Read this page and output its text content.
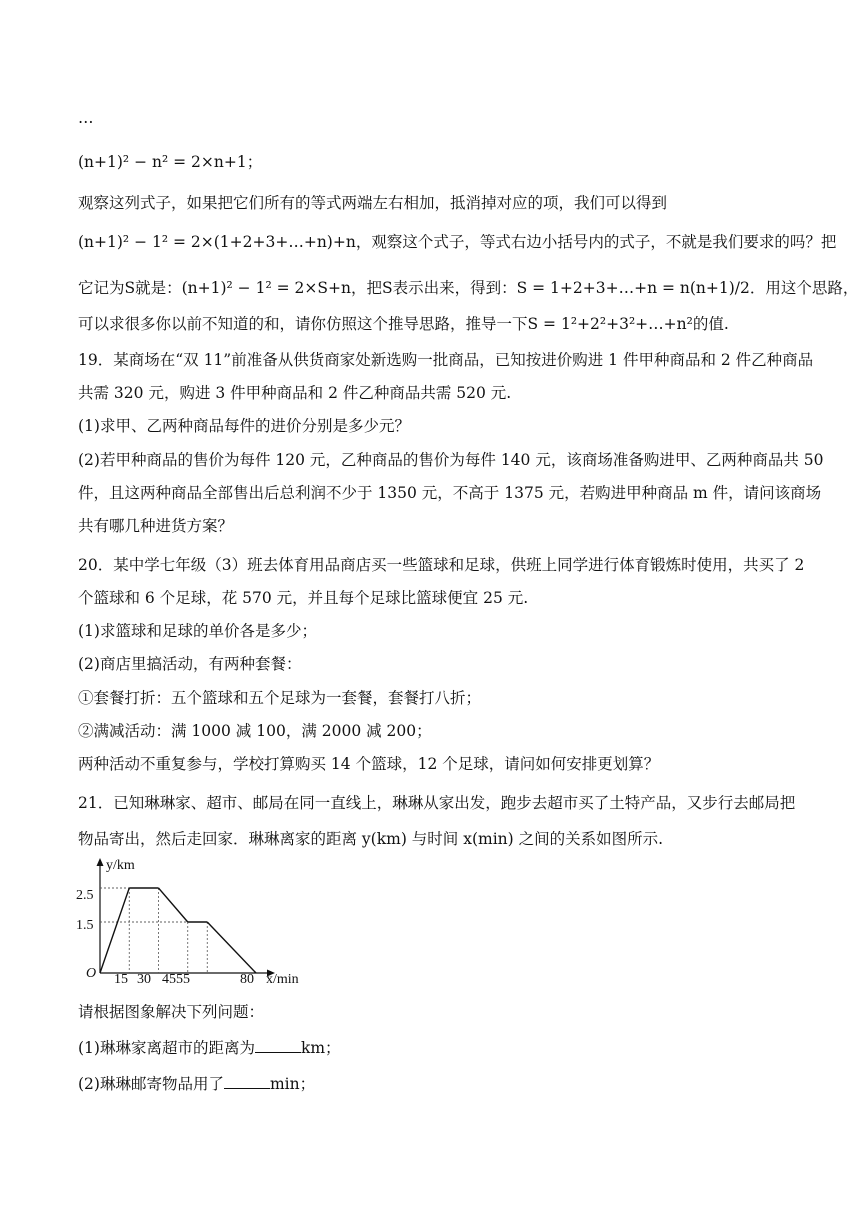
…
(n+1)² − n² = 2×n+1；
观察这列式子，如果把它们所有的等式两端左右相加，抵消掉对应的项，我们可以得到
(n+1)² − 1² = 2×(1+2+3+…+n)+n，观察这个式子，等式右边小括号内的式子，不就是我们要求的吗？把
它记为S就是：(n+1)² − 1² = 2×S+n，把S表示出来，得到：S = 1+2+3+…+n = n(n+1)/2．用这个思路，
可以求很多你以前不知道的和，请你仿照这个推导思路，推导一下S = 1²+2²+3²+…+n²的值.
19．某商场在“双 11”前准备从供货商家处新选购一批商品，已知按进价购进 1 件甲种商品和 2 件乙种商品
共需 320 元，购进 3 件甲种商品和 2 件乙种商品共需 520 元.
(1)求甲、乙两种商品每件的进价分别是多少元？
(2)若甲种商品的售价为每件 120 元，乙种商品的售价为每件 140 元，该商场准备购进甲、乙两种商品共 50
件，且这两种商品全部售出后总利润不少于 1350 元，不高于 1375 元，若购进甲种商品 m 件，请问该商场
共有哪几种进货方案？
20．某中学七年级（3）班去体育用品商店买一些篮球和足球，供班上同学进行体育锻炼时使用，共买了 2
个篮球和 6 个足球，花 570 元，并且每个足球比篮球便宜 25 元.
(1)求篮球和足球的单价各是多少；
(2)商店里搞活动，有两种套餐：
①套餐打折：五个篮球和五个足球为一套餐，套餐打八折；
②满减活动：满 1000 减 100，满 2000 减 200；
两种活动不重复参与，学校打算购买 14 个篮球，12 个足球，请问如何安排更划算？
21．已知琳琳家、超市、邮局在同一直线上，琳琳从家出发，跑步去超市买了土特产品，又步行去邮局把
物品寄出，然后走回家．琳琳离家的距离 y(km) 与时间 x(min) 之间的关系如图所示.
y/km
x/min
O
2.5
1.5
15 30 4555	80
请根据图象解决下列问题：
(1)琳琳家离超市的距离为	km；
(2)琳琳邮寄物品用了	min；
